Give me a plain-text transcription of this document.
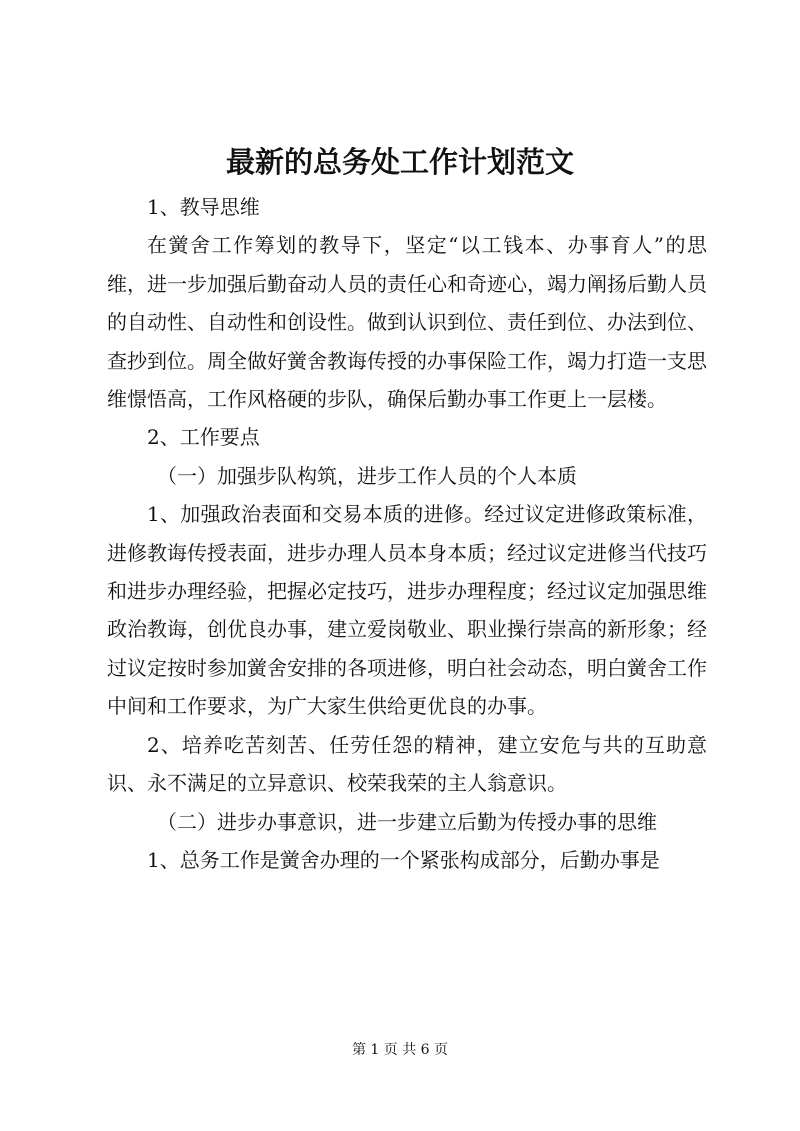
最新的总务处工作计划范文

1、教导思维

在黉舍工作筹划的教导下，坚定“以工钱本、办事育人”的思维，进一步加强后勤奋动人员的责任心和奇迹心，竭力阐扬后勤人员的自动性、自动性和创设性。做到认识到位、责任到位、办法到位、查抄到位。周全做好黉舍教诲传授的办事保险工作，竭力打造一支思维憬悟高，工作风格硬的步队，确保后勤办事工作更上一层楼。

2、工作要点

（一）加强步队构筑，进步工作人员的个人本质

1、加强政治表面和交易本质的进修。经过议定进修政策标准，进修教诲传授表面，进步办理人员本身本质；经过议定进修当代技巧和进步办理经验，把握必定技巧，进步办理程度；经过议定加强思维政治教诲，创优良办事，建立爱岗敬业、职业操行崇高的新形象；经过议定按时参加黉舍安排的各项进修，明白社会动态，明白黉舍工作中间和工作要求，为广大家生供给更优良的办事。

2、培养吃苦刻苦、任劳任怨的精神，建立安危与共的互助意识、永不满足的立异意识、校荣我荣的主人翁意识。

（二）进步办事意识，进一步建立后勤为传授办事的思维

1、总务工作是黉舍办理的一个紧张构成部分，后勤办事是

第 1 页 共 6 页
